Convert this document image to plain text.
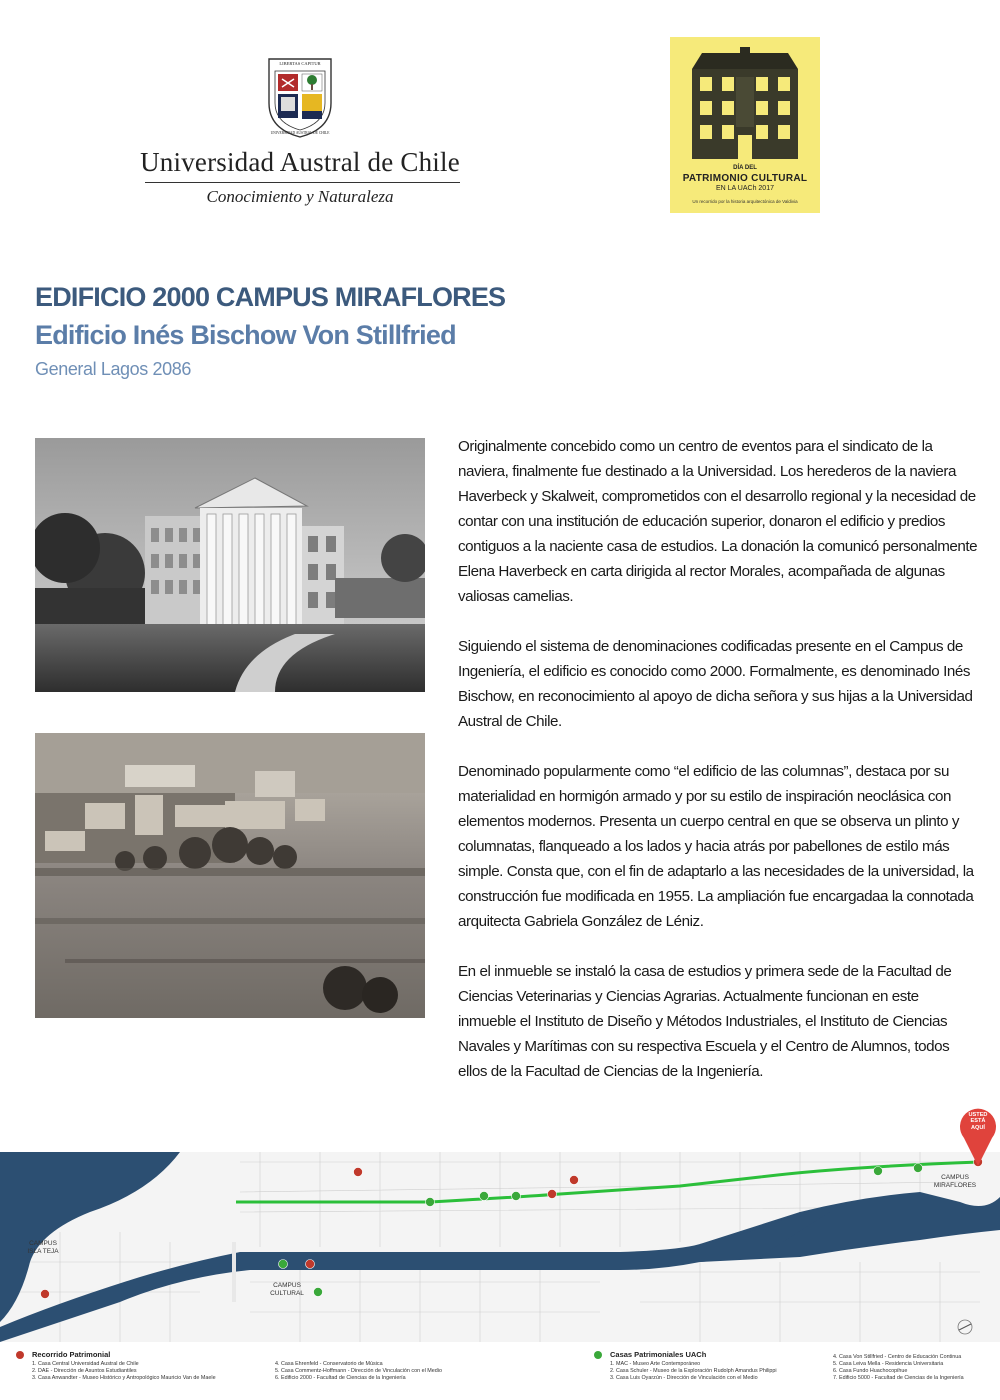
LIBERTAS CAPITUR
UNIVERSIDAD AUSTRAL DE CHILE
Universidad Austral de Chile
Conocimiento y Naturaleza
DÍA DEL
PATRIMONIO CULTURAL
EN LA UACh 2017
Un recorrido por la historia arquitectónica de Valdivia
EDIFICIO 2000 CAMPUS MIRAFLORES
Edificio Inés Bischow Von Stillfried
General Lagos 2086

Originalmente concebido como un centro de eventos para el sindicato de la naviera, finalmente fue destinado a la Universidad. Los herederos de la naviera Haverbeck y Skalweit, comprometidos con el desarrollo regional y la necesidad de contar con una institución de educación superior, donaron el edificio y predios contiguos a la naciente casa de estudios. La donación la comunicó personalmente Elena Haverbeck en carta dirigida al rector Morales, acompañada de algunas valiosas camelias.

Siguiendo el sistema de denominaciones codificadas presente en el Campus de Ingeniería, el edificio es conocido como 2000. Formalmente, es denominado Inés Bischow, en reconocimiento al apoyo de dicha señora y sus hijas a la Universidad Austral de Chile.

Denominado popularmente como “el edificio de las columnas”, destaca por su materialidad en hormigón armado y por su estilo de inspiración neoclásica con elementos modernos. Presenta un cuerpo central en que se observa un plinto y columnatas, flanqueado a los lados y hacia atrás por pabellones de estilo más simple. Consta que, con el fin de adaptarlo a las necesidades de la universidad, la construcción fue modificada en 1955. La ampliación fue encargadaa la connotada arquitecta Gabriela González de Léniz.

En el inmueble se instaló la casa de estudios y primera sede de la Facultad de Ciencias Veterinarias y Ciencias Agrarias. Actualmente funcionan en este inmueble el Instituto de Diseño y Métodos Industriales, el Instituto de Ciencias Navales y Marítimas con su respectiva Escuela y el Centro de Alumnos, todos ellos de la Facultad de Ciencias de la Ingeniería.

CAMPUS
ISLA TEJA
CAMPUS
CULTURAL
CAMPUS
MIRAFLORES
USTED
ESTÁ
AQUÍ
Recorrido Patrimonial
1. Casa Central Universidad Austral de Chile
2. DAE - Dirección de Asuntos Estudiantiles
3. Casa Anwandter - Museo Histórico y Antropológico Mauricio Van de Maele
4. Casa Ehrenfeld - Conservatorio de Música
5. Casa Commentz-Hoffmann - Dirección de Vinculación con el Medio
6. Edificio 2000 - Facultad de Ciencias de la Ingeniería
Casas Patrimoniales UACh
1. MAC - Museo Arte Contemporáneo
2. Casa Schuler - Museo de la Exploración Rudolph Amandus Philippi
3. Casa Luis Oyarzún - Dirección de Vinculación con el Medio
4. Casa Von Stillfried - Centro de Educación Continua
5. Casa Leiva Mella - Residencia Universitaria
6. Casa Fundo Huachocopihue
7. Edificio 5000 - Facultad de Ciencias de la Ingeniería
